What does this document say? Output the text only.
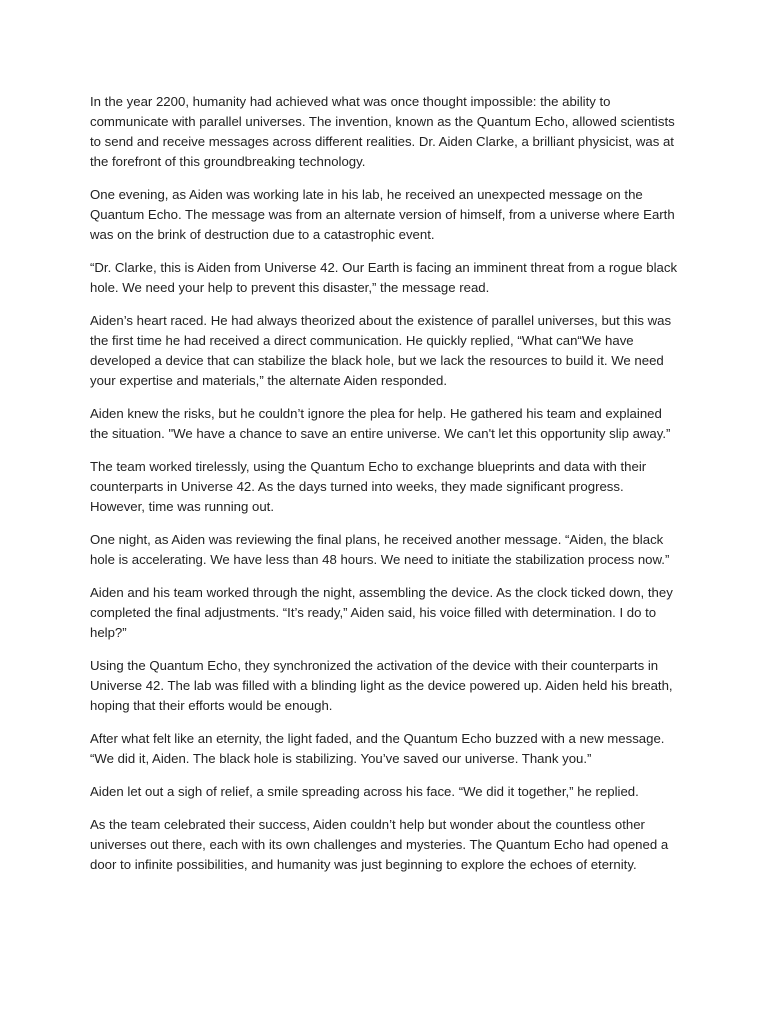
In the year 2200, humanity had achieved what was once thought impossible: the ability to communicate with parallel universes. The invention, known as the Quantum Echo, allowed scientists to send and receive messages across different realities. Dr. Aiden Clarke, a brilliant physicist, was at the forefront of this groundbreaking technology.

One evening, as Aiden was working late in his lab, he received an unexpected message on the Quantum Echo. The message was from an alternate version of himself, from a universe where Earth was on the brink of destruction due to a catastrophic event.

“Dr. Clarke, this is Aiden from Universe 42. Our Earth is facing an imminent threat from a rogue black hole. We need your help to prevent this disaster,” the message read.

Aiden’s heart raced. He had always theorized about the existence of parallel universes, but this was the first time he had received a direct communication. He quickly replied, “What can“We have developed a device that can stabilize the black hole, but we lack the resources to build it. We need your expertise and materials,” the alternate Aiden responded.

Aiden knew the risks, but he couldn’t ignore the plea for help. He gathered his team and explained the situation. "We have a chance to save an entire universe. We can't let this opportunity slip away.”

The team worked tirelessly, using the Quantum Echo to exchange blueprints and data with their counterparts in Universe 42. As the days turned into weeks, they made significant progress. However, time was running out.

One night, as Aiden was reviewing the final plans, he received another message. “Aiden, the black hole is accelerating. We have less than 48 hours. We need to initiate the stabilization process now.”

Aiden and his team worked through the night, assembling the device. As the clock ticked down, they completed the final adjustments. “It’s ready,” Aiden said, his voice filled with determination. I do to help?”

Using the Quantum Echo, they synchronized the activation of the device with their counterparts in Universe 42. The lab was filled with a blinding light as the device powered up. Aiden held his breath, hoping that their efforts would be enough.

After what felt like an eternity, the light faded, and the Quantum Echo buzzed with a new message. “We did it, Aiden. The black hole is stabilizing. You’ve saved our universe. Thank you.”

Aiden let out a sigh of relief, a smile spreading across his face. “We did it together,” he replied.

As the team celebrated their success, Aiden couldn’t help but wonder about the countless other universes out there, each with its own challenges and mysteries. The Quantum Echo had opened a door to infinite possibilities, and humanity was just beginning to explore the echoes of eternity.
